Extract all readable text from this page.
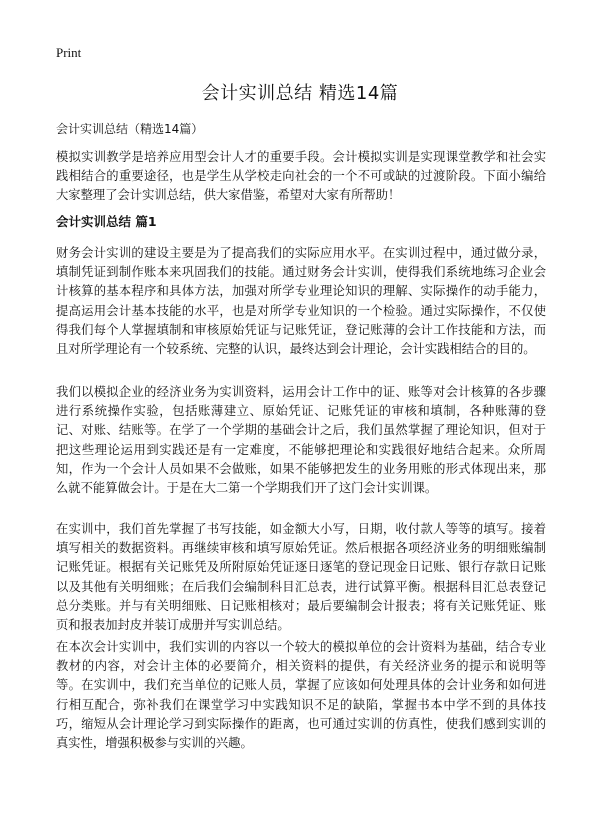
Print
会计实训总结 精选14篇

会计实训总结（精选14篇）

模拟实训教学是培养应用型会计人才的重要手段。会计模拟实训是实现课堂教学和社会实践相结合的重要途径，也是学生从学校走向社会的一个不可或缺的过渡阶段。下面小编给大家整理了会计实训总结，供大家借鉴，希望对大家有所帮助！

会计实训总结 篇1

财务会计实训的建设主要是为了提高我们的实际应用水平。在实训过程中，通过做分录，填制凭证到制作账本来巩固我们的技能。通过财务会计实训，使得我们系统地练习企业会计核算的基本程序和具体方法，加强对所学专业理论知识的理解、实际操作的动手能力，提高运用会计基本技能的水平，也是对所学专业知识的一个检验。通过实际操作，不仅使得我们每个人掌握填制和审核原始凭证与记账凭证，登记账薄的会计工作技能和方法，而且对所学理论有一个较系统、完整的认识，最终达到会计理论，会计实践相结合的目的。

我们以模拟企业的经济业务为实训资料，运用会计工作中的证、账等对会计核算的各步骤进行系统操作实验，包括账薄建立、原始凭证、记账凭证的审核和填制，各种账薄的登记、对账、结账等。在学了一个学期的基础会计之后，我们虽然掌握了理论知识，但对于把这些理论运用到实践还是有一定难度，不能够把理论和实践很好地结合起来。众所周知，作为一个会计人员如果不会做账，如果不能够把发生的业务用账的形式体现出来，那么就不能算做会计。于是在大二第一个学期我们开了这门会计实训课。

在实训中，我们首先掌握了书写技能，如金额大小写，日期，收付款人等等的填写。接着填写相关的数据资料。再继续审核和填写原始凭证。然后根据各项经济业务的明细账编制记账凭证。根据有关记账凭及所附原始凭证逐日逐笔的登记现金日记账、银行存款日记账以及其他有关明细账；在后我们会编制科目汇总表，进行试算平衡。根据科目汇总表登记总分类账。并与有关明细账、日记账相核对；最后要编制会计报表；将有关记账凭证、账页和报表加封皮并装订成册并写实训总结。

在本次会计实训中，我们实训的内容以一个较大的模拟单位的会计资料为基础，结合专业教材的内容，对会计主体的必要简介，相关资料的提供，有关经济业务的提示和说明等等。在实训中，我们充当单位的记账人员，掌握了应该如何处理具体的会计业务和如何进行相互配合，弥补我们在课堂学习中实践知识不足的缺陷，掌握书本中学不到的具体技巧，缩短从会计理论学习到实际操作的距离，也可通过实训的仿真性，使我们感到实训的真实性，增强积极参与实训的兴趣。
